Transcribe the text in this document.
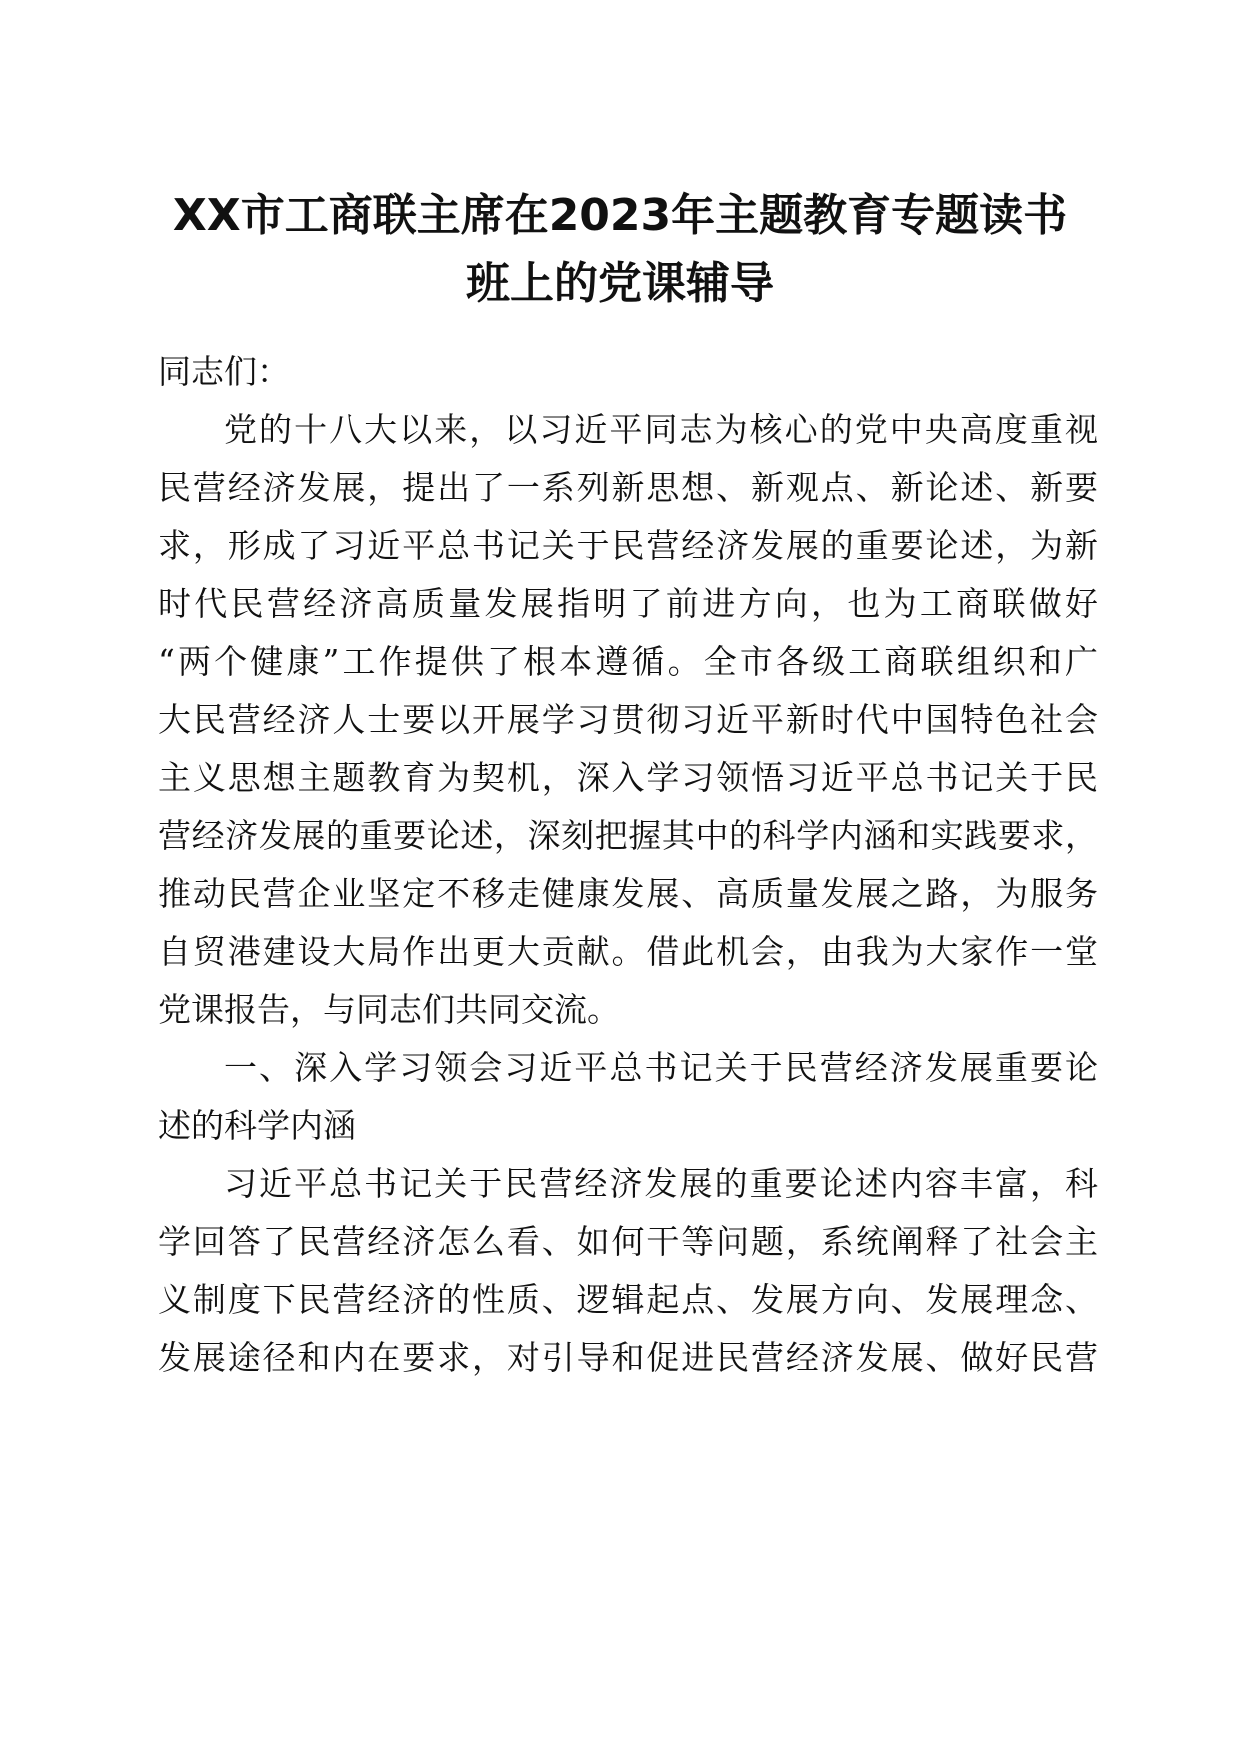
XX市工商联主席在2023年主题教育专题读书
班上的党课辅导

同志们：

党的十八大以来，以习近平同志为核心的党中央高度重视

民营经济发展，提出了一系列新思想、新观点、新论述、新要

求，形成了习近平总书记关于民营经济发展的重要论述，为新

时代民营经济高质量发展指明了前进方向，也为工商联做好

“两个健康”工作提供了根本遵循。全市各级工商联组织和广

大民营经济人士要以开展学习贯彻习近平新时代中国特色社会

主义思想主题教育为契机，深入学习领悟习近平总书记关于民

营经济发展的重要论述，深刻把握其中的科学内涵和实践要求，

推动民营企业坚定不移走健康发展、高质量发展之路，为服务

自贸港建设大局作出更大贡献。借此机会，由我为大家作一堂

党课报告，与同志们共同交流。

一、深入学习领会习近平总书记关于民营经济发展重要论

述的科学内涵

习近平总书记关于民营经济发展的重要论述内容丰富，科

学回答了民营经济怎么看、如何干等问题，系统阐释了社会主

义制度下民营经济的性质、逻辑起点、发展方向、发展理念、

发展途径和内在要求，对引导和促进民营经济发展、做好民营
